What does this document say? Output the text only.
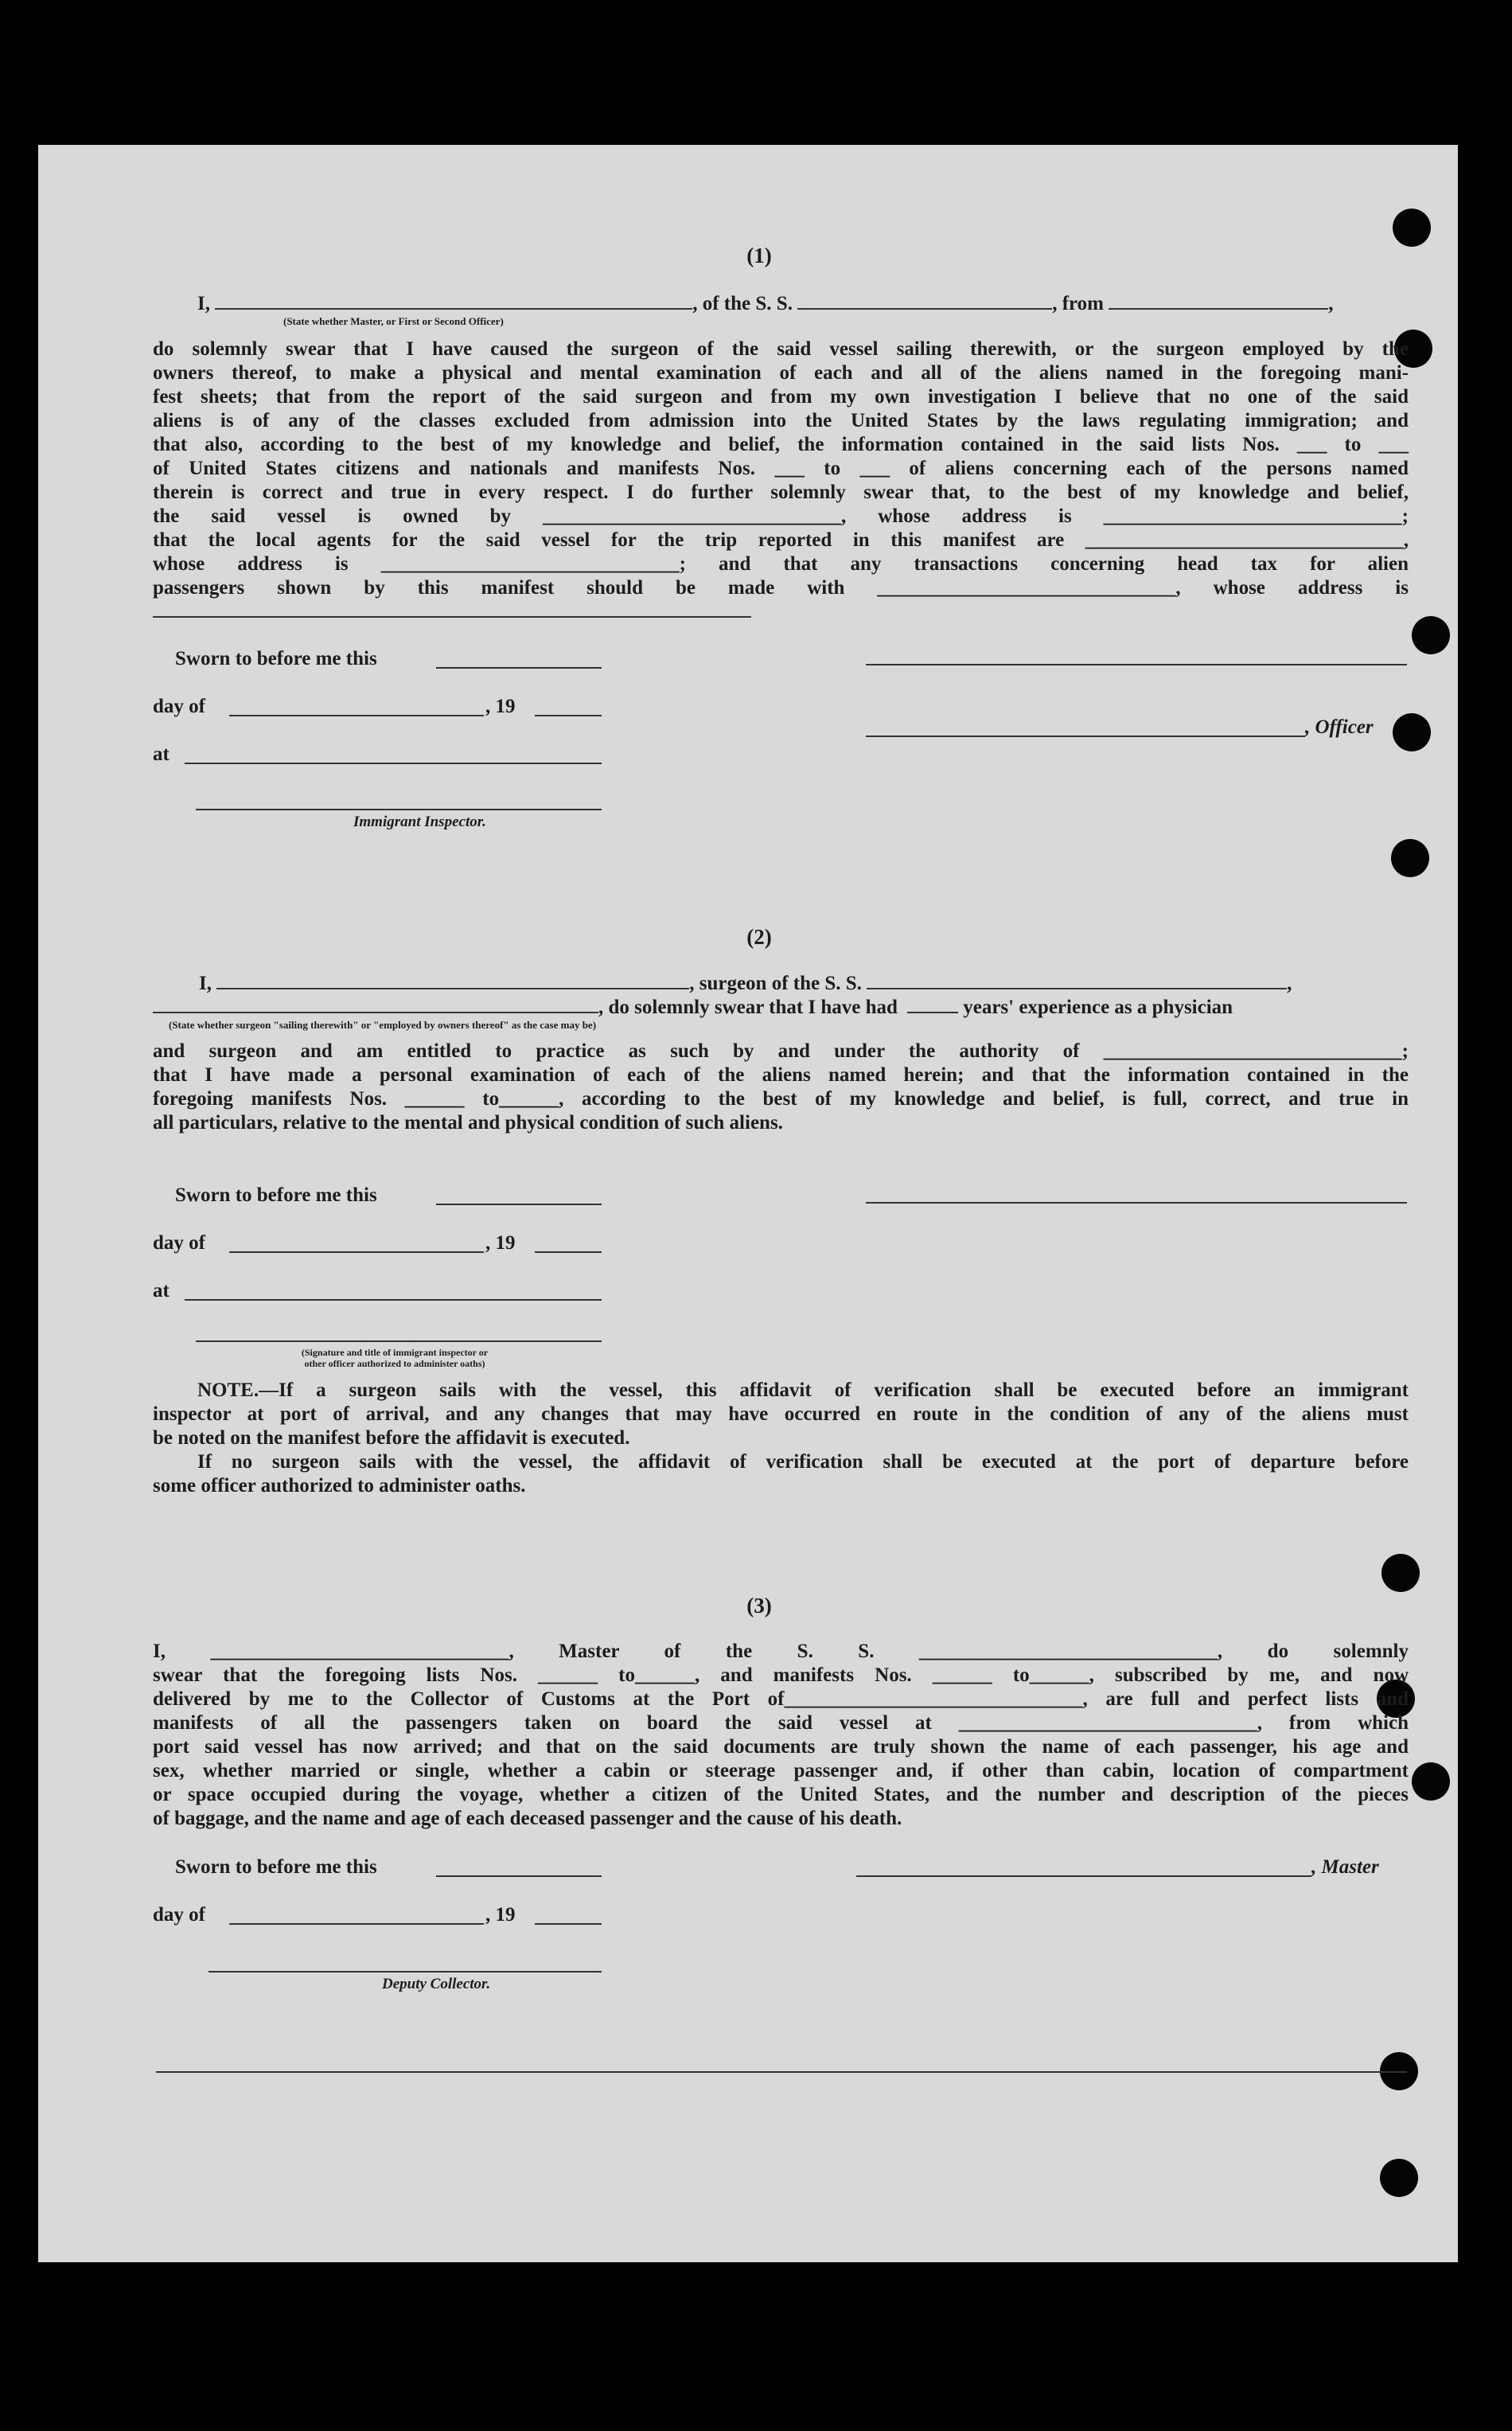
(1)
I,	, of the S. S.	, from	,
(State whether Master, or First or Second Officer)
do solemnly swear that I have caused the surgeon of the said vessel sailing therewith, or the surgeon employed by the
owners thereof, to make a physical and mental examination of each and all of the aliens named in the foregoing mani-
fest sheets; that from the report of the said surgeon and from my own investigation I believe that no one of the said
aliens is of any of the classes excluded from admission into the United States by the laws regulating immigration; and
that also, according to the best of my knowledge and belief, the information contained in the said lists Nos. ___ to ___
of United States citizens and nationals and manifests Nos. ___ to ___ of aliens concerning each of the persons named
therein is correct and true in every respect. I do further solemnly swear that, to the best of my knowledge and belief,
the said vessel is owned by ______________________________, whose address is ______________________________;
that the local agents for the said vessel for the trip reported in this manifest are ________________________________,
whose address is ______________________________; and that any transactions concerning head tax for alien
passengers shown by this manifest should be made with ______________________________, whose address is
Sworn to before me this
day of	, 19
, Officer
at
Immigrant Inspector.
(2)
I,	, surgeon of the S. S.	,
, do solemnly swear that I have had	years' experience as a physician
(State whether surgeon "sailing therewith" or "employed by owners thereof" as the case may be)
and surgeon and am entitled to practice as such by and under the authority of ______________________________;
that I have made a personal examination of each of the aliens named herein; and that the information contained in the
foregoing manifests Nos. ______ to______, according to the best of my knowledge and belief, is full, correct, and true in
all particulars, relative to the mental and physical condition of such aliens.
Sworn to before me this
day of	, 19
at
(Signature and title of immigrant inspector or
other officer authorized to administer oaths)
NOTE.—If a surgeon sails with the vessel, this affidavit of verification shall be executed before an immigrant
inspector at port of arrival, and any changes that may have occurred en route in the condition of any of the aliens must
be noted on the manifest before the affidavit is executed.
If no surgeon sails with the vessel, the affidavit of verification shall be executed at the port of departure before
some officer authorized to administer oaths.
(3)
I, ______________________________, Master of the S. S. ______________________________, do solemnly
swear that the foregoing lists Nos. ______ to______, and manifests Nos. ______ to______, subscribed by me, and now
delivered by me to the Collector of Customs at the Port of______________________________, are full and perfect lists and
manifests of all the passengers taken on board the said vessel at ______________________________, from which
port said vessel has now arrived; and that on the said documents are truly shown the name of each passenger, his age and
sex, whether married or single, whether a cabin or steerage passenger and, if other than cabin, location of compartment
or space occupied during the voyage, whether a citizen of the United States, and the number and description of the pieces
of baggage, and the name and age of each deceased passenger and the cause of his death.
Sworn to before me this	, Master
day of	, 19
Deputy Collector.
